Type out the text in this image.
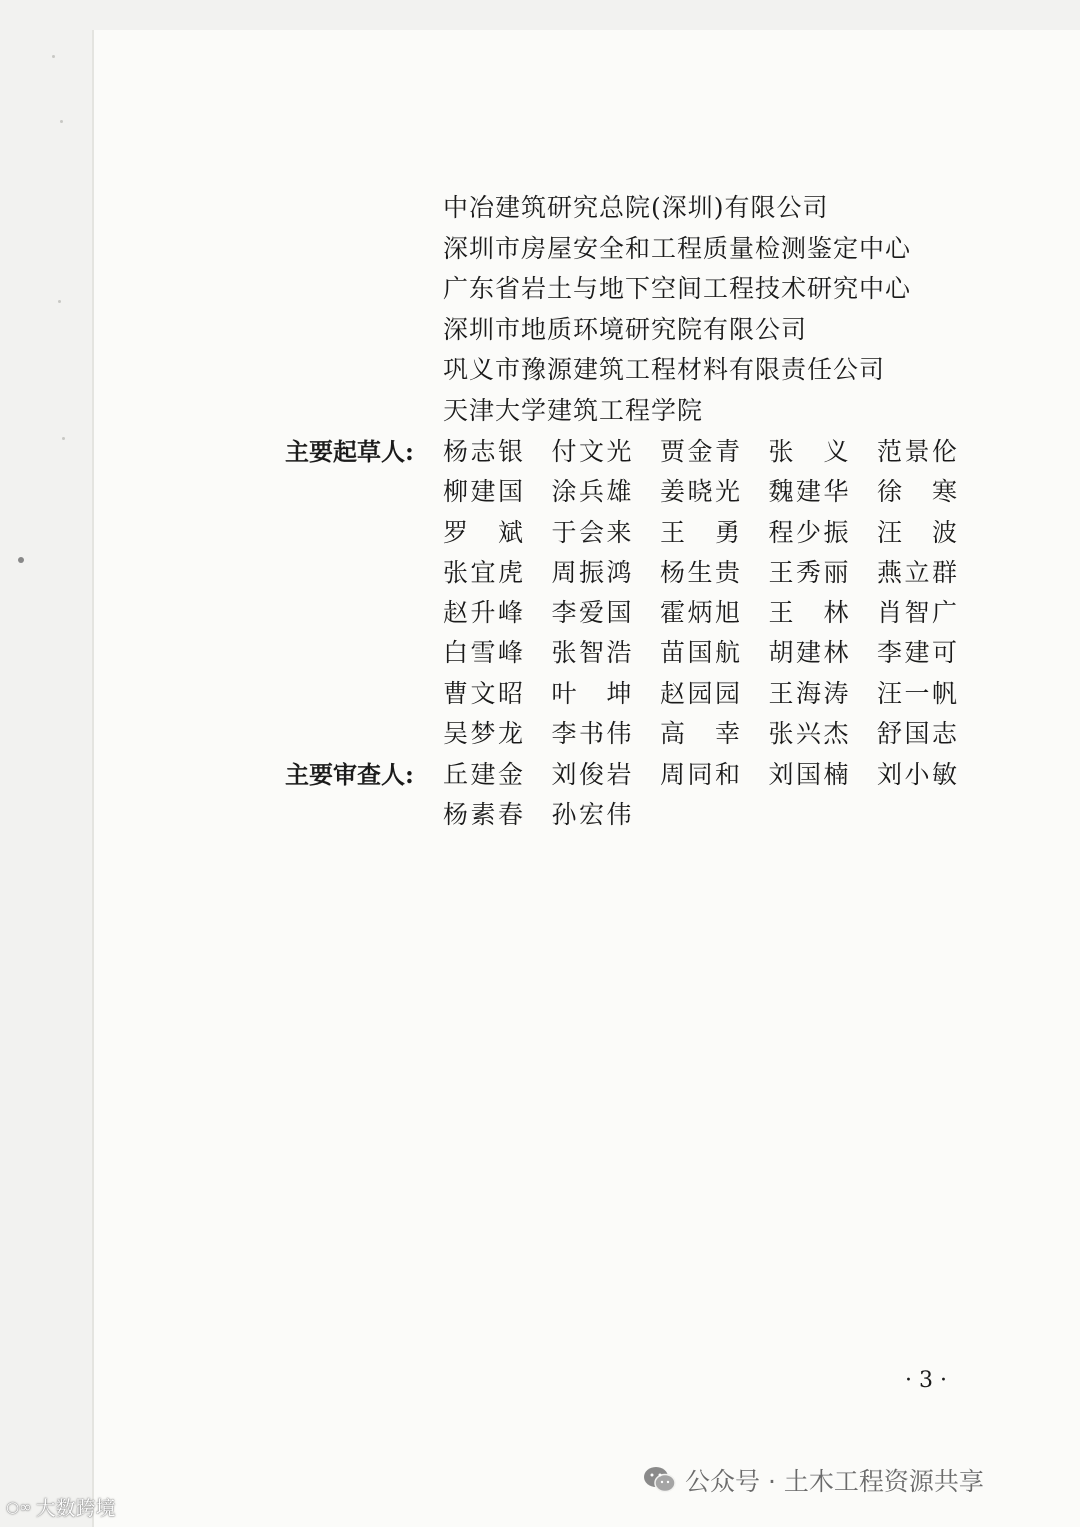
中冶建筑研究总院(深圳)有限公司
深圳市房屋安全和工程质量检测鉴定中心
广东省岩土与地下空间工程技术研究中心
深圳市地质环境研究院有限公司
巩义市豫源建筑工程材料有限责任公司
天津大学建筑工程学院
主要起草人:	杨志银 付文光 贾金青 张义 范景伦
柳建国 涂兵雄 姜晓光 魏建华 徐寒
罗斌 于会来 王勇 程少振 汪波
张宜虎 周振鸿 杨生贵 王秀丽 燕立群
赵升峰 李爱国 霍炳旭 王林 肖智广
白雪峰 张智浩 苗国航 胡建林 李建可
曹文昭 叶坤 赵园园 王海涛 汪一帆
吴梦龙 李书伟 高幸 张兴杰 舒国志
主要审查人:	丘建金 刘俊岩 周同和 刘国楠 刘小敏
杨素春 孙宏伟
· 3 ·
公众号 · 土木工程资源共享
○∞ 大数跨境
